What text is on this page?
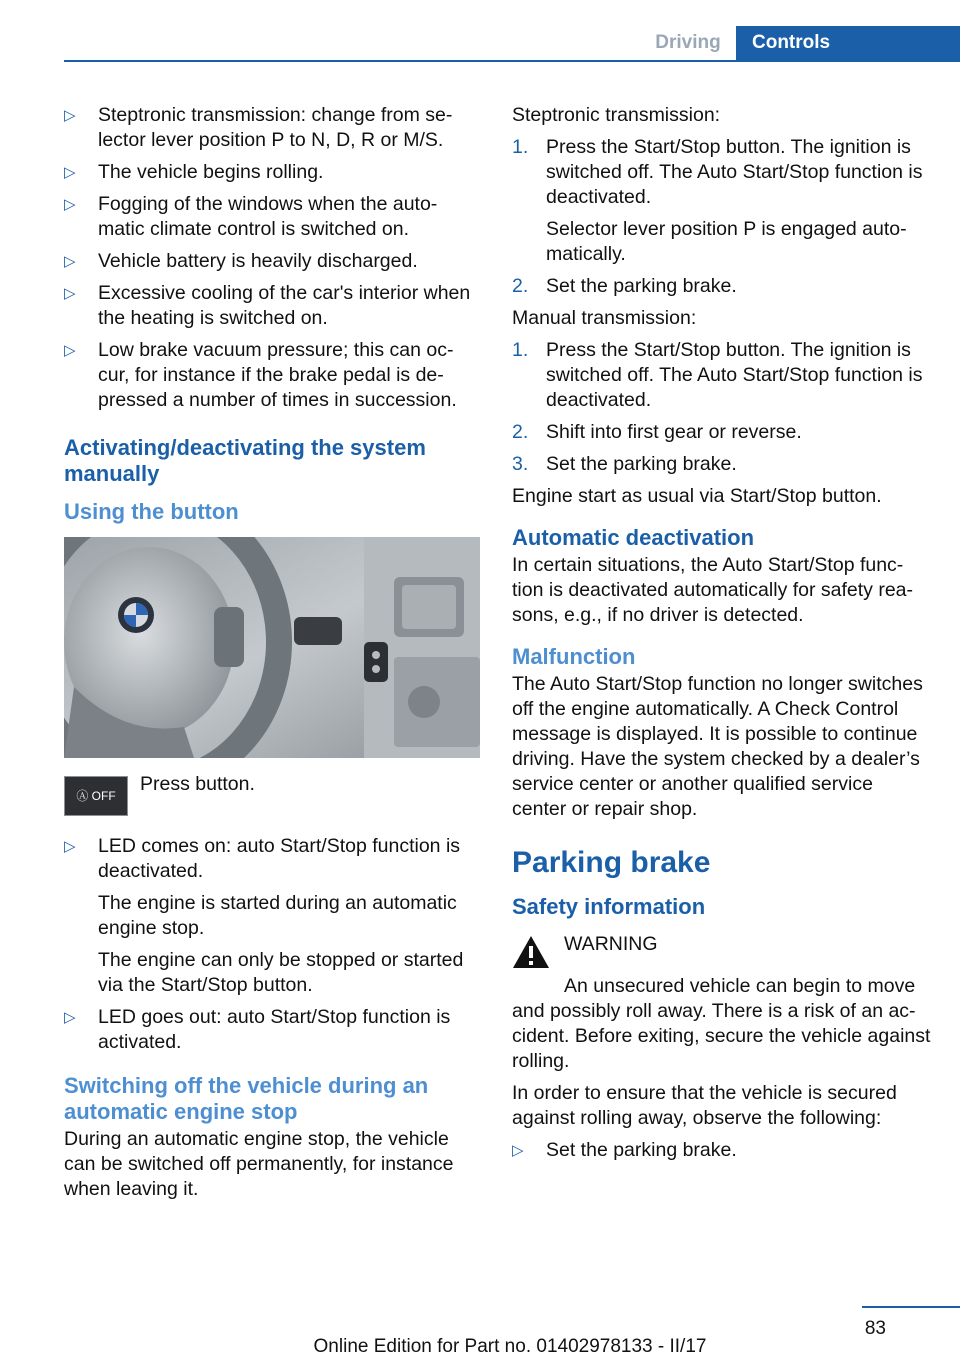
Driving	Controls
▷	Steptronic transmission: change from se‐lector lever position P to N, D, R or M/S.
▷	The vehicle begins rolling.
▷	Fogging of the windows when the auto‐matic climate control is switched on.
▷	Vehicle battery is heavily discharged.
▷	Excessive cooling of the car's interior when the heating is switched on.
▷	Low brake vacuum pressure; this can oc‐cur, for instance if the brake pedal is de‐pressed a number of times in succession.
Activating/deactivating the system manually
Using the button
Ⓐ OFF
Press button.
▷	LED comes on: auto Start/Stop function is deactivated.
The engine is started during an automatic engine stop.
The engine can only be stopped or started via the Start/Stop button.
▷	LED goes out: auto Start/Stop function is activated.
Switching off the vehicle during an automatic engine stop
During an automatic engine stop, the vehicle can be switched off permanently, for instance when leaving it.
Steptronic transmission:
1. Press the Start/Stop button. The ignition is switched off. The Auto Start/Stop function is deactivated.
Selector lever position P is engaged auto‐matically.
2. Set the parking brake.
Manual transmission:
1. Press the Start/Stop button. The ignition is switched off. The Auto Start/Stop function is deactivated.
2. Shift into first gear or reverse.
3. Set the parking brake.
Engine start as usual via Start/Stop button.
Automatic deactivation
In certain situations, the Auto Start/Stop func‐tion is deactivated automatically for safety rea‐sons, e.g., if no driver is detected.
Malfunction
The Auto Start/Stop function no longer switches off the engine automatically. A Check Control message is displayed. It is possible to continue driving. Have the system checked by a dealer’s service center or another qualified service center or repair shop.
Parking brake
Safety information
WARNING
An unsecured vehicle can begin to move and possibly roll away. There is a risk of an ac‐cident. Before exiting, secure the vehicle against rolling.
In order to ensure that the vehicle is secured against rolling away, observe the following:
▷	Set the parking brake.
83
Online Edition for Part no. 01402978133 - II/17
